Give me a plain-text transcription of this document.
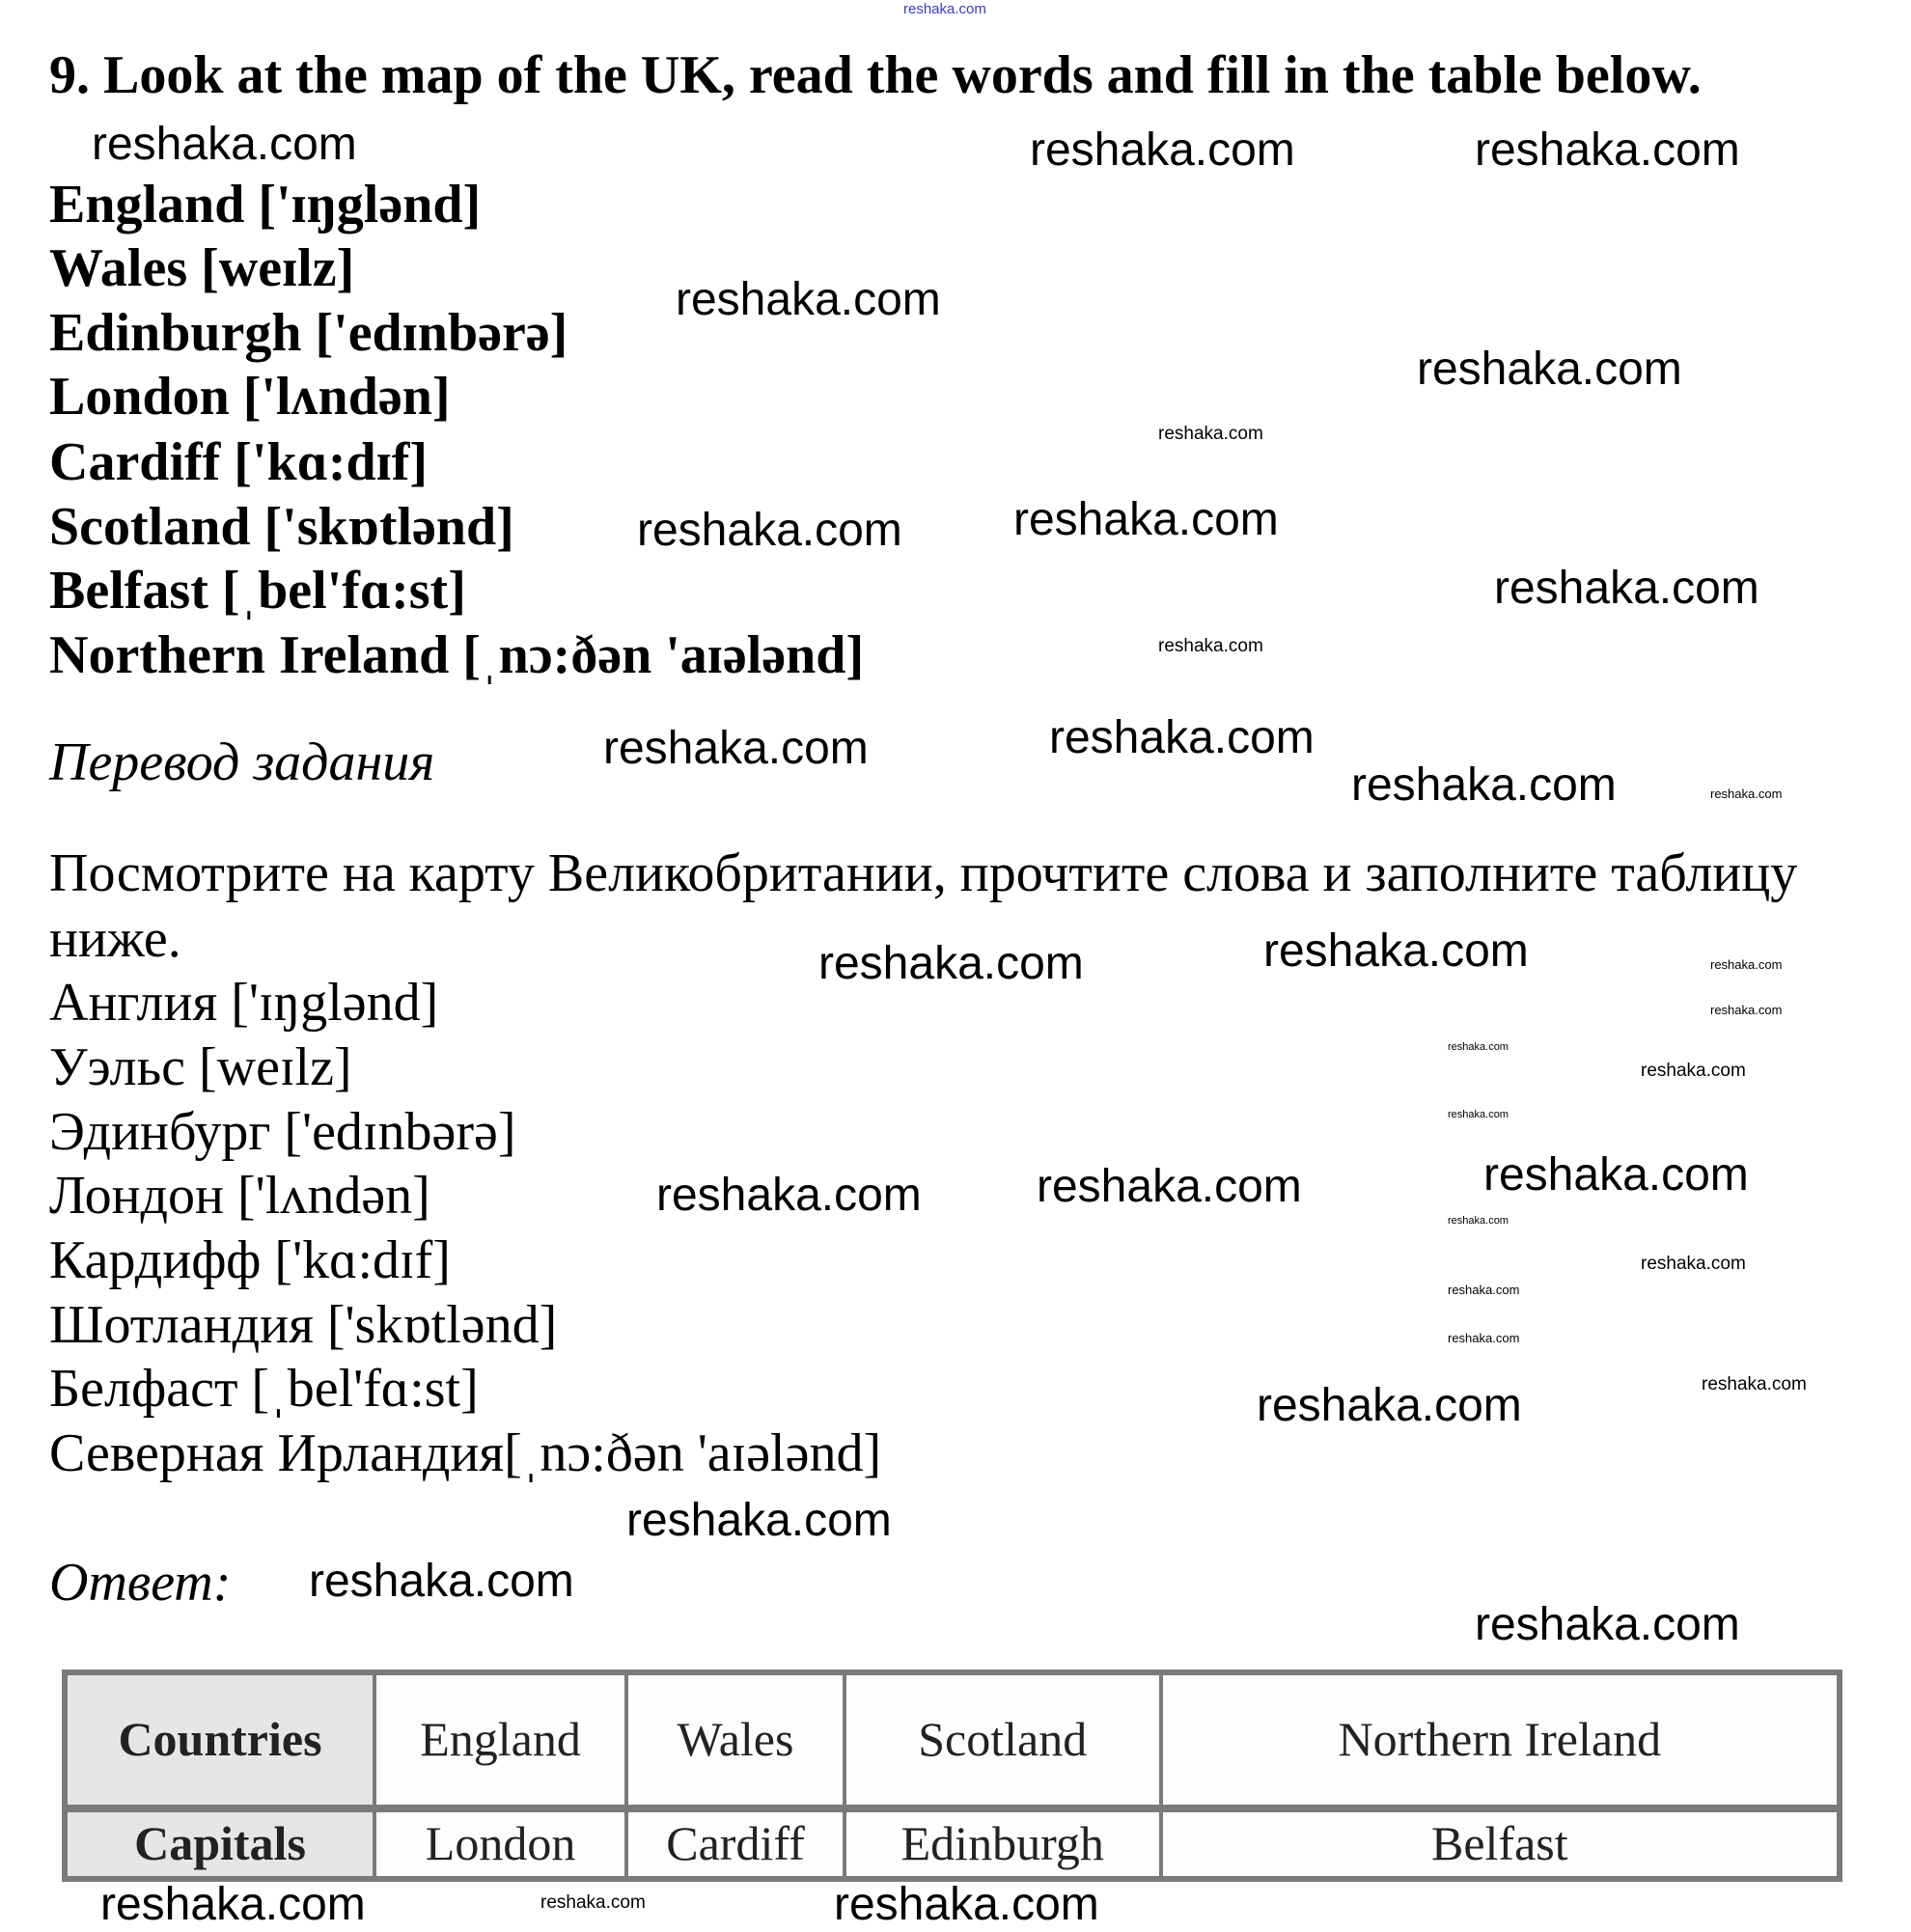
reshaka.com
9. Look at the map of the UK, read the words and fill in the table below.
England ['ɪŋglənd]
Wales [weɪlz]
Edinburgh ['edɪnbərə]
London ['lʌndən]
Cardiff ['kɑ:dɪf]
Scotland ['skɒtlənd]
Belfast [ˌbel'fɑ:st]
Northern Ireland [ˌnɔ:ðən 'aɪələnd]
Перевод задания
Посмотрите на карту Великобритании, прочтите слова и заполните таблицу
ниже.
Англия ['ɪŋglənd]
Уэльс [weɪlz]
Эдинбург ['edɪnbərə]
Лондон ['lʌndən]
Кардифф ['kɑ:dɪf]
Шотландия ['skɒtlənd]
Белфаст [ˌbel'fɑ:st]
Северная Ирландия[ˌnɔ:ðən 'aɪələnd]
Ответ:
Countries	England	Wales	Scotland	Northern Ireland
Capitals	London	Cardiff	Edinburgh	Belfast
reshaka.com	reshaka.com	reshaka.com
reshaka.com
reshaka.com
reshaka.com reshaka.com
reshaka.com
reshaka.com	reshaka.com
reshaka.com
reshaka.com	reshaka.com
reshaka.com reshaka.com	reshaka.com
reshaka.com
reshaka.com
reshaka.com
reshaka.com
reshaka.com	reshaka.com
reshaka.com
reshaka.com
reshaka.com
reshaka.com
reshaka.com
reshaka.com
reshaka.com
reshaka.com
reshaka.com
reshaka.com
reshaka.com
reshaka.com
reshaka.com
reshaka.com
